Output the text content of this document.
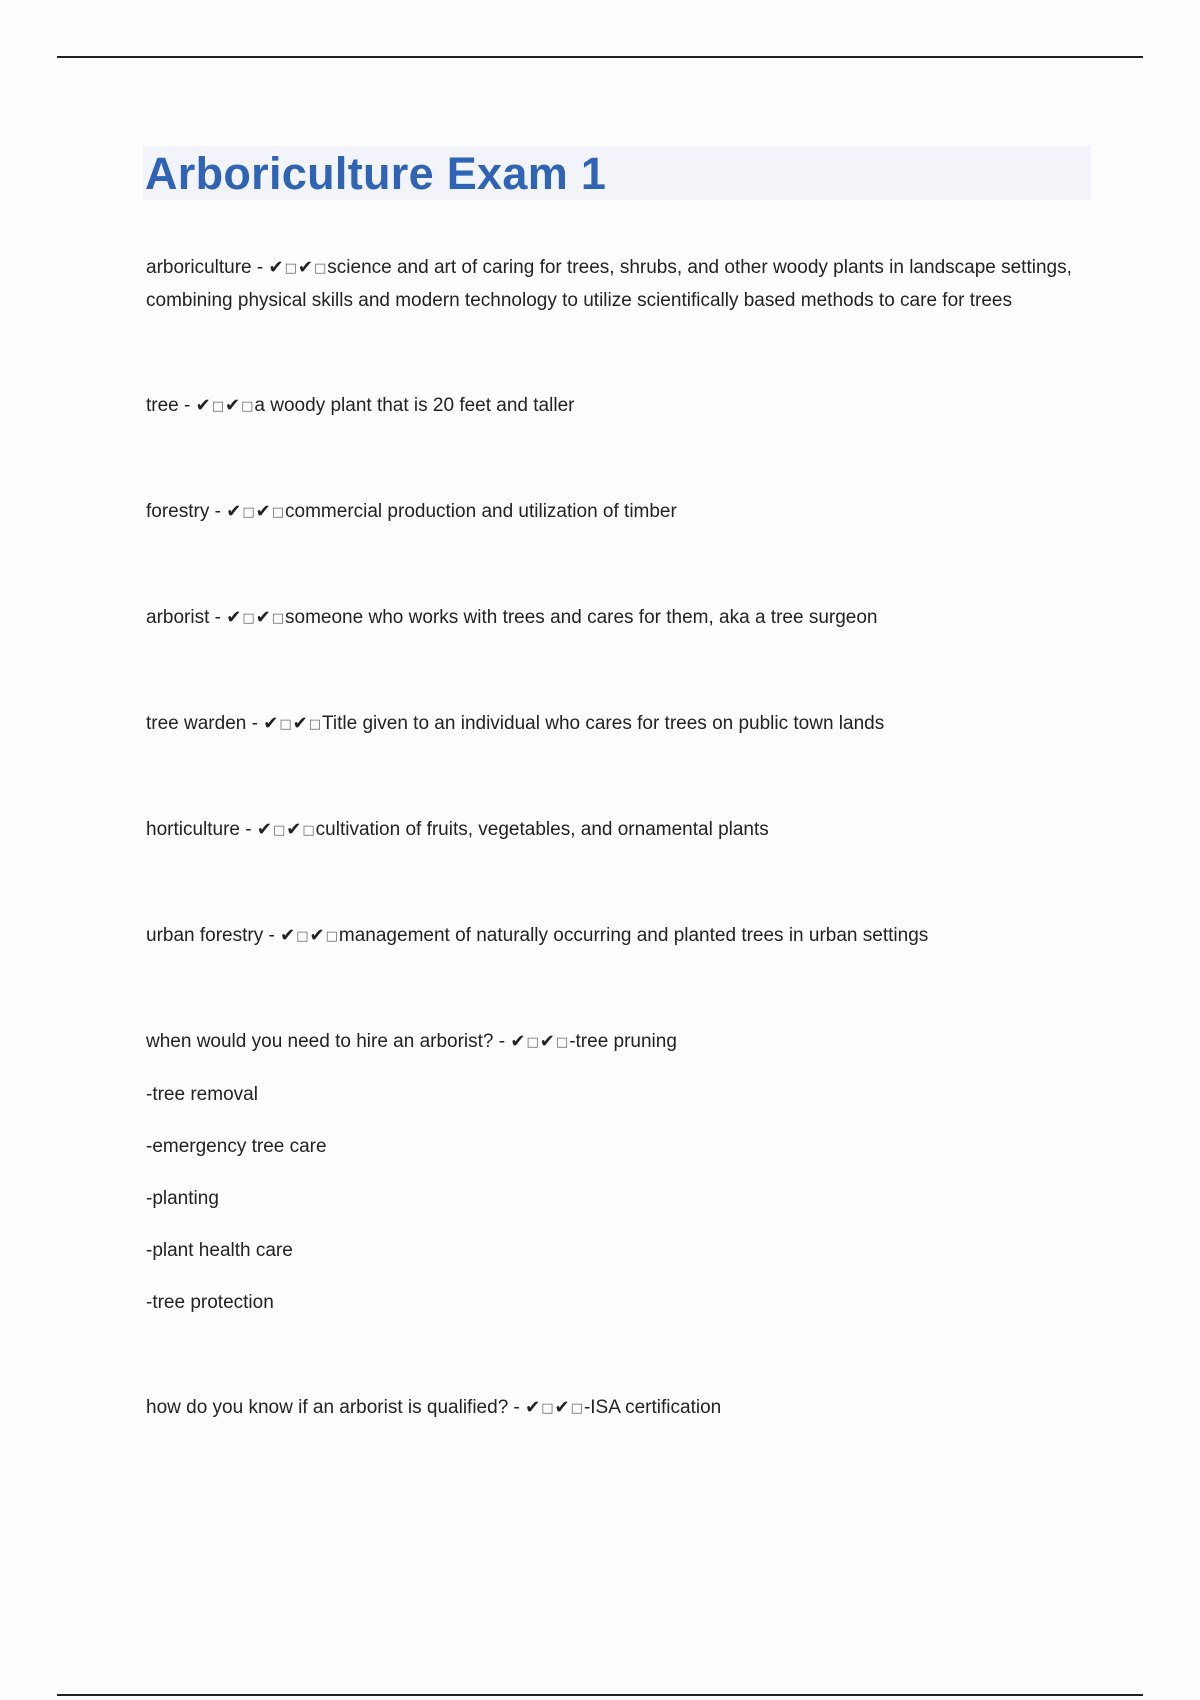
Arboriculture Exam 1
arboriculture - ✔□✔□science and art of caring for trees, shrubs, and other woody plants in landscape settings, combining physical skills and modern technology to utilize scientifically based methods to care for trees
tree - ✔□✔□a woody plant that is 20 feet and taller
forestry - ✔□✔□commercial production and utilization of timber
arborist - ✔□✔□someone who works with trees and cares for them, aka a tree surgeon
tree warden - ✔□✔□Title given to an individual who cares for trees on public town lands
horticulture - ✔□✔□cultivation of fruits, vegetables, and ornamental plants
urban forestry - ✔□✔□management of naturally occurring and planted trees in urban settings
when would you need to hire an arborist? - ✔□✔□-tree pruning
-tree removal
-emergency tree care
-planting
-plant health care
-tree protection
how do you know if an arborist is qualified? - ✔□✔□-ISA certification
